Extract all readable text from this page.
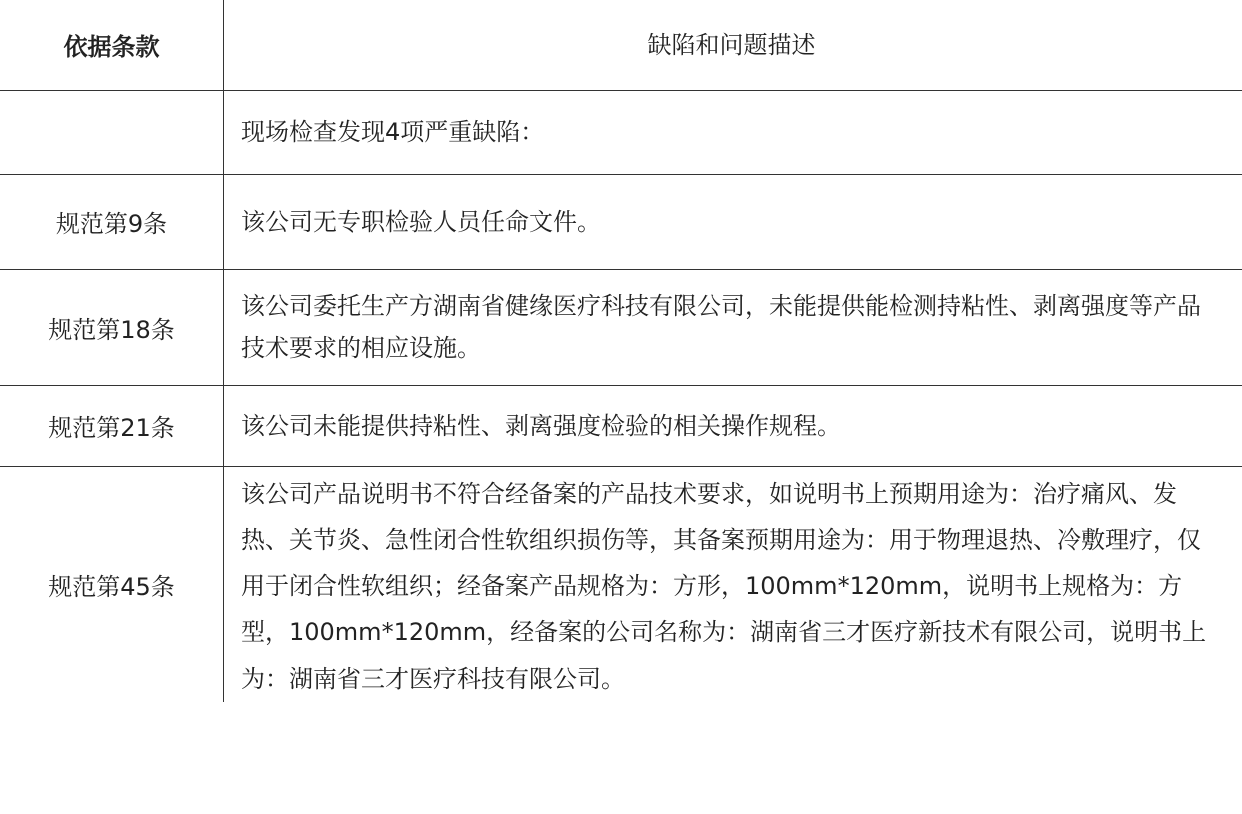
依据条款	缺陷和问题描述
	现场检查发现4项严重缺陷：
规范第9条	该公司无专职检验人员任命文件。
规范第18条	该公司委托生产方湖南省健缘医疗科技有限公司，未能提供能检测持粘性、剥离强度等产品技术要求的相应设施。
规范第21条	该公司未能提供持粘性、剥离强度检验的相关操作规程。
规范第45条	该公司产品说明书不符合经备案的产品技术要求，如说明书上预期用途为：治疗痛风、发热、关节炎、急性闭合性软组织损伤等，其备案预期用途为：用于物理退热、冷敷理疗，仅用于闭合性软组织；经备案产品规格为：方形，100mm*120mm，说明书上规格为：方型，100mm*120mm，经备案的公司名称为：湖南省三才医疗新技术有限公司，说明书上为：湖南省三才医疗科技有限公司。
